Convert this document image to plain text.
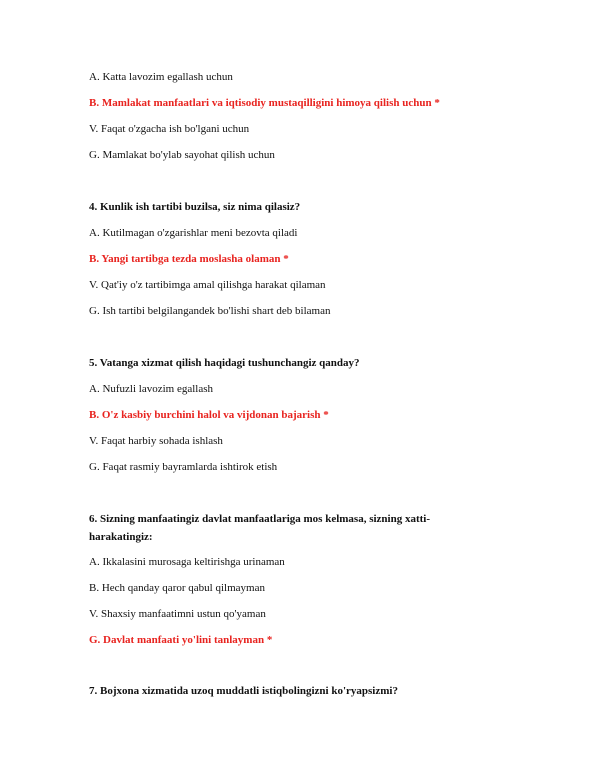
A. Katta lavozim egallash uchun
B. Mamlakat manfaatlari va iqtisodiy mustaqilligini himoya qilish uchun *
V. Faqat o'zgacha ish bo'lgani uchun
G. Mamlakat bo'ylab sayohat qilish uchun
4. Kunlik ish tartibi buzilsa, siz nima qilasiz?
A. Kutilmagan o'zgarishlar meni bezovta qiladi
B. Yangi tartibga tezda moslasha olaman *
V. Qat'iy o'z tartibimga amal qilishga harakat qilaman
G. Ish tartibi belgilangandek bo'lishi shart deb bilaman
5. Vatanga xizmat qilish haqidagi tushunchangiz qanday?
A. Nufuzli lavozim egallash
B. O'z kasbiy burchini halol va vijdonan bajarish *
V. Faqat harbiy sohada ishlash
G. Faqat rasmiy bayramlarda ishtirok etish
6. Sizning manfaatingiz davlat manfaatlariga mos kelmasa, sizning xatti-
harakatingiz:
A. Ikkalasini murosaga keltirishga urinaman
B. Hech qanday qaror qabul qilmayman
V. Shaxsiy manfaatimni ustun qo'yaman
G. Davlat manfaati yo'lini tanlayman *
7. Bojxona xizmatida uzoq muddatli istiqbolingizni ko'ryapsizmi?
